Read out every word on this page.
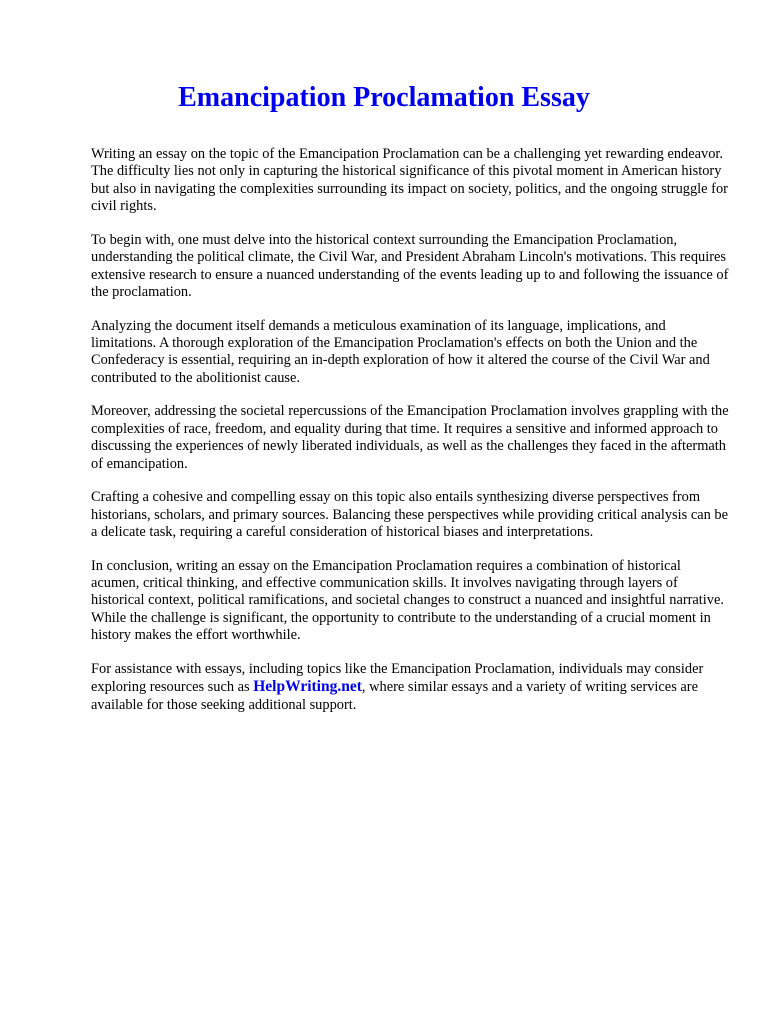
Emancipation Proclamation Essay

Writing an essay on the topic of the Emancipation Proclamation can be a challenging yet rewarding endeavor. The difficulty lies not only in capturing the historical significance of this pivotal moment in American history but also in navigating the complexities surrounding its impact on society, politics, and the ongoing struggle for civil rights.

To begin with, one must delve into the historical context surrounding the Emancipation Proclamation, understanding the political climate, the Civil War, and President Abraham Lincoln's motivations. This requires extensive research to ensure a nuanced understanding of the events leading up to and following the issuance of the proclamation.

Analyzing the document itself demands a meticulous examination of its language, implications, and limitations. A thorough exploration of the Emancipation Proclamation's effects on both the Union and the Confederacy is essential, requiring an in-depth exploration of how it altered the course of the Civil War and contributed to the abolitionist cause.

Moreover, addressing the societal repercussions of the Emancipation Proclamation involves grappling with the complexities of race, freedom, and equality during that time. It requires a sensitive and informed approach to discussing the experiences of newly liberated individuals, as well as the challenges they faced in the aftermath of emancipation.

Crafting a cohesive and compelling essay on this topic also entails synthesizing diverse perspectives from historians, scholars, and primary sources. Balancing these perspectives while providing critical analysis can be a delicate task, requiring a careful consideration of historical biases and interpretations.

In conclusion, writing an essay on the Emancipation Proclamation requires a combination of historical acumen, critical thinking, and effective communication skills. It involves navigating through layers of historical context, political ramifications, and societal changes to construct a nuanced and insightful narrative. While the challenge is significant, the opportunity to contribute to the understanding of a crucial moment in history makes the effort worthwhile.

For assistance with essays, including topics like the Emancipation Proclamation, individuals may consider exploring resources such as HelpWriting.net, where similar essays and a variety of writing services are available for those seeking additional support.
